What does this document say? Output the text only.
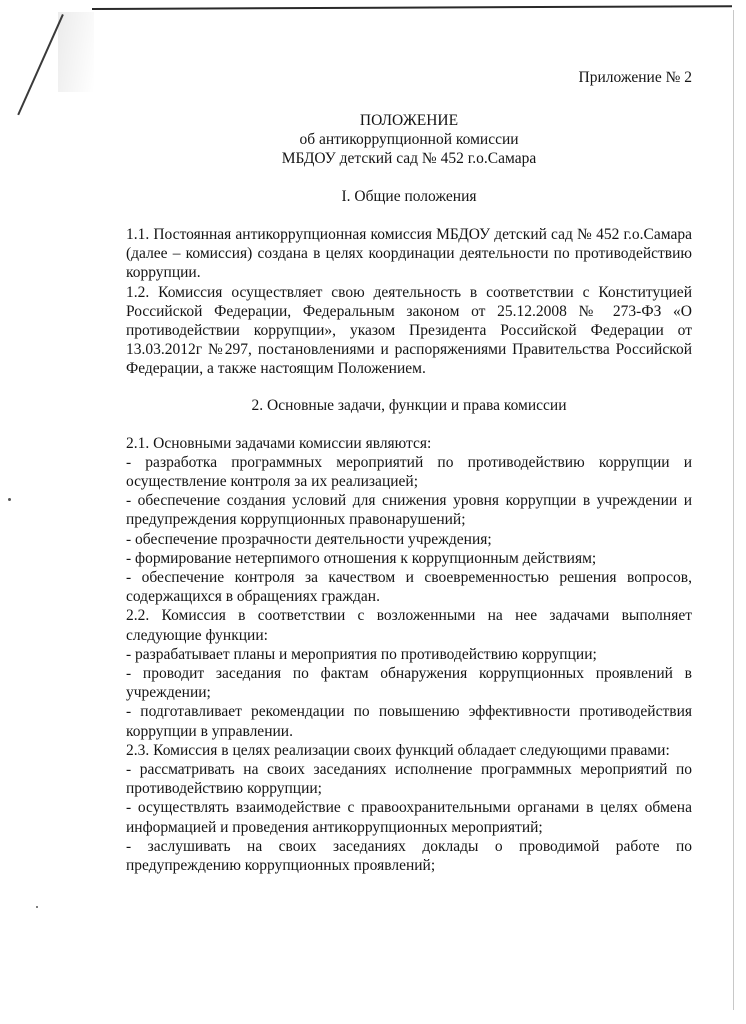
Приложение № 2

ПОЛОЖЕНИЕ
об антикоррупционной комиссии
МБДОУ детский сад № 452 г.о.Самара

I. Общие положения

1.1. Постоянная антикоррупционная комиссия МБДОУ детский сад № 452 г.о.Самара (далее – комиссия) создана в целях координации деятельности по противодействию коррупции.

1.2. Комиссия осуществляет свою деятельность в соответствии с Конституцией Российской Федерации, Федеральным законом от 25.12.2008 № 273-ФЗ «О противодействии коррупции», указом Президента Российской Федерации от 13.03.2012г №297, постановлениями и распоряжениями Правительства Российской Федерации, а также настоящим Положением.

2. Основные задачи, функции и права комиссии

2.1. Основными задачами комиссии являются:

- разработка программных мероприятий по противодействию коррупции и осуществление контроля за их реализацией;

- обеспечение создания условий для снижения уровня коррупции в учреждении и предупреждения коррупционных правонарушений;

- обеспечение прозрачности деятельности учреждения;

- формирование нетерпимого отношения к коррупционным действиям;

- обеспечение контроля за качеством и своевременностью решения вопросов, содержащихся в обращениях граждан.

2.2. Комиссия в соответствии с возложенными на нее задачами выполняет следующие функции:

- разрабатывает планы и мероприятия по противодействию коррупции;

- проводит заседания по фактам обнаружения коррупционных проявлений в учреждении;

- подготавливает рекомендации по повышению эффективности противодействия коррупции в управлении.

2.3. Комиссия в целях реализации своих функций обладает следующими правами:

- рассматривать на своих заседаниях исполнение программных мероприятий по противодействию коррупции;

- осуществлять взаимодействие с правоохранительными органами в целях обмена информацией и проведения антикоррупционных мероприятий;

- заслушивать на своих заседаниях доклады о проводимой работе по предупреждению коррупционных проявлений;
